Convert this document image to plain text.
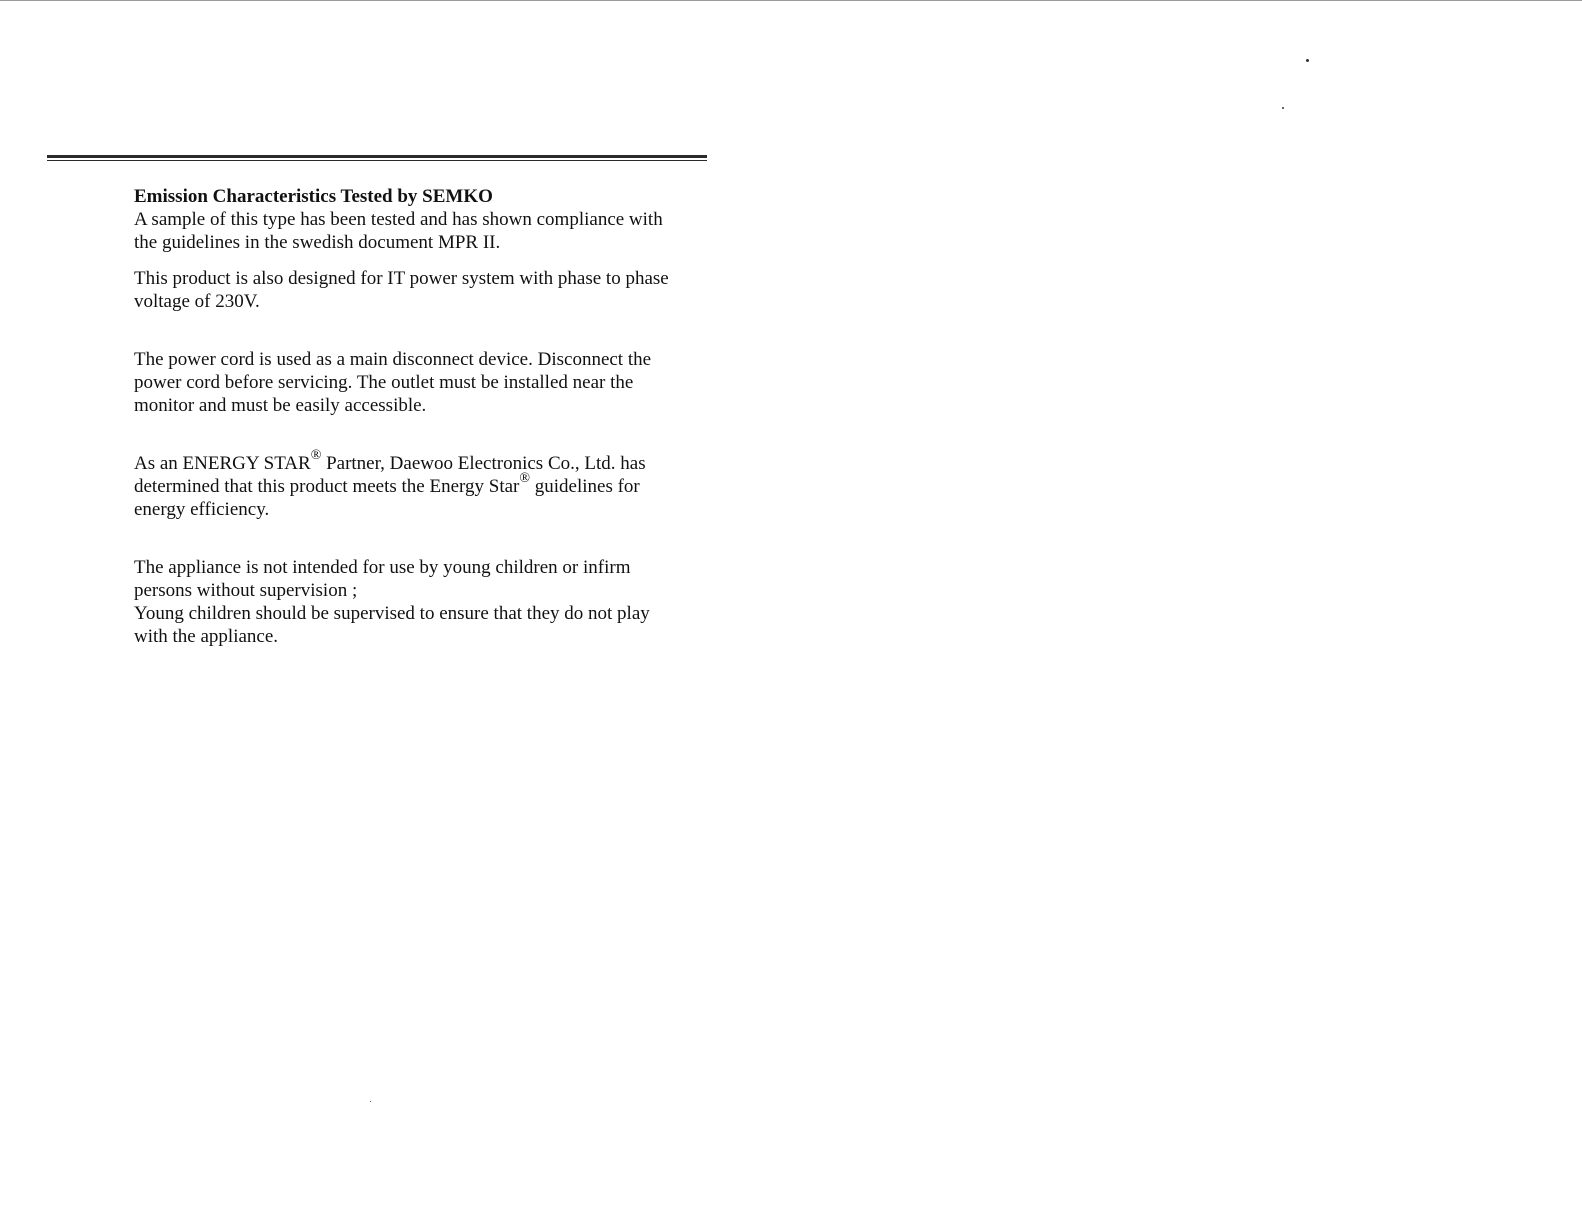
Emission Characteristics Tested by SEMKO

A sample of this type has been tested and has shown compliance with

the guidelines in the swedish document MPR II.

This product is also designed for IT power system with phase to phase

voltage of 230V.

The power cord is used as a main disconnect device. Disconnect the

power cord before servicing. The outlet must be installed near the

monitor and must be easily accessible.

As an ENERGY STAR® Partner, Daewoo Electronics Co., Ltd. has

determined that this product meets the Energy Star® guidelines for

energy efficiency.

The appliance is not intended for use by young children or infirm

persons without supervision ;

Young children should be supervised to ensure that they do not play

with the appliance.
